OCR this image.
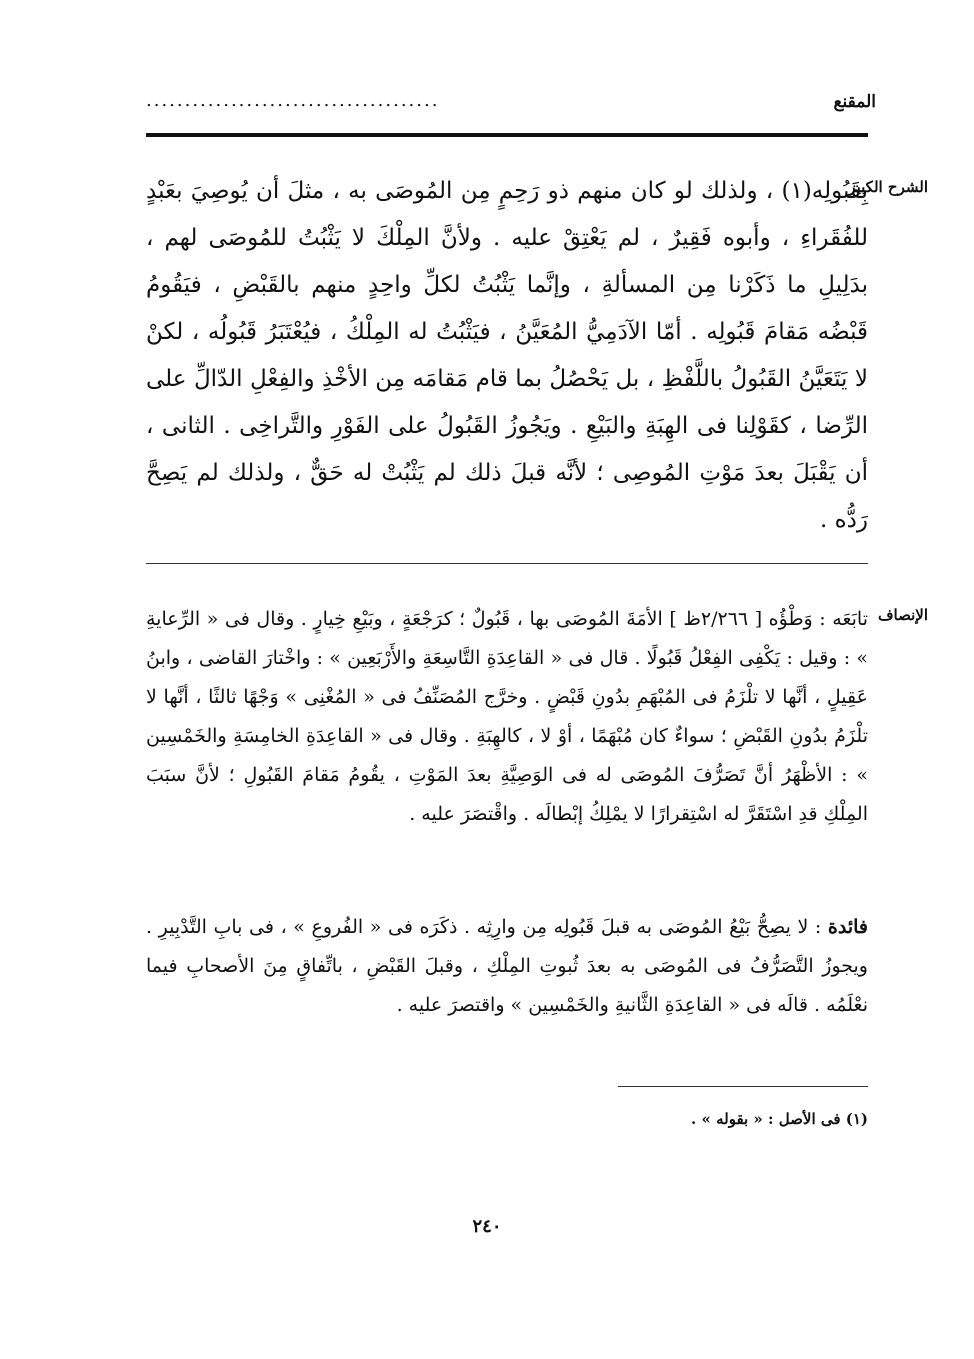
المقنع
......................................
الشرح الكبير
بِقَبُولِه(١) ، ولذلك لو كان منهم ذو رَحِمٍ مِن المُوصَى به ، مثلَ أن يُوصِيَ بعَبْدٍ للفُقَراءِ ، وأبوه فَقِيرٌ ، لم يَعْتِقْ عليه . ولأنَّ المِلْكَ لا يَثْبُتُ للمُوصَى لهم ، بدَلِيلِ ما ذَكَرْنا مِن المسألةِ ، وإنَّما يَثْبُتُ لكلِّ واحِدٍ منهم بالقَبْضِ ، فيَقُومُ قَبْضُه مَقامَ قَبُولِه . أمّا الآدَمِيُّ المُعَيَّنُ ، فيَثْبُتُ له المِلْكُ ، فيُعْتَبَرُ قَبُولُه ، لكنْ لا يَتَعَيَّنُ القَبُولُ باللَّفْظِ ، بل يَحْصُلُ بما قام مَقامَه مِن الأخْذِ والفِعْلِ الدّالِّ على الرِّضا ، كقَوْلِنا فى الهِبَةِ والبَيْعِ . ويَجُوزُ القَبُولُ على الفَوْرِ والتَّراخِى . الثانى ، أن يَقْبَلَ بعدَ مَوْتِ المُوصِى ؛ لأنَّه قبلَ ذلك لم يَثْبُتْ له حَقٌّ ، ولذلك لم يَصِحَّ رَدُّه .
الإنصاف
تابَعَه : وَطْؤُه [ ٢/٢٦٦ظ ] الأمَةَ المُوصَى بها ، قَبُولٌ ؛ كرَجْعَةٍ ، وبَيْعِ خِيارٍ . وقال فى « الرِّعايةِ » : وقيل : يَكْفِى الفِعْلُ قَبُولًا . قال فى « القاعِدَةِ التَّاسِعَةِ والأَرْبَعِين » : واخْتارَ القاضى ، وابنُ عَقِيلٍ ، أنَّها لا تلْزَمُ فى المُبْهَمِ بدُونِ قَبْضٍ . وخرَّج المُصَنِّفُ فى « المُغْنِى » وَجْهًا ثالثًا ، أنَّها لا تلْزَمُ بدُونِ القَبْضِ ؛ سواءٌ كان مُبْهَمًا ، أوْ لا ، كالهِبَةِ . وقال فى « القاعِدَةِ الخامِسَةِ والخَمْسِين » : الأظْهَرُ أنَّ تَصَرُّفَ المُوصَى له فى الوَصِيَّةِ بعدَ المَوْتِ ، يقُومُ مَقامَ القَبُولِ ؛ لأنَّ سبَبَ المِلْكِ قدِ اسْتَقَرَّ له اسْتِقرارًا لا يمْلِكُ إبْطالَه . واقْتصَرَ عليه .
فائدة : لا يصِحُّ بَيْعُ المُوصَى به قبلَ قَبُولِه مِن وارِثِه . ذكَرَه فى « الفُروعِ » ، فى بابِ التَّدْبِيرِ . ويجوزُ التَّصَرُّفُ فى المُوصَى به بعدَ ثُبوتِ المِلْكِ ، وقبلَ القَبْضِ ، باتِّفاقٍ مِنَ الأصحابِ فيما نعْلَمُه . قالَه فى « القاعِدَةِ الثَّانيةِ والخَمْسِين » واقتصرَ عليه .
(١) فى الأصل : « بقوله » .
٢٤٠
